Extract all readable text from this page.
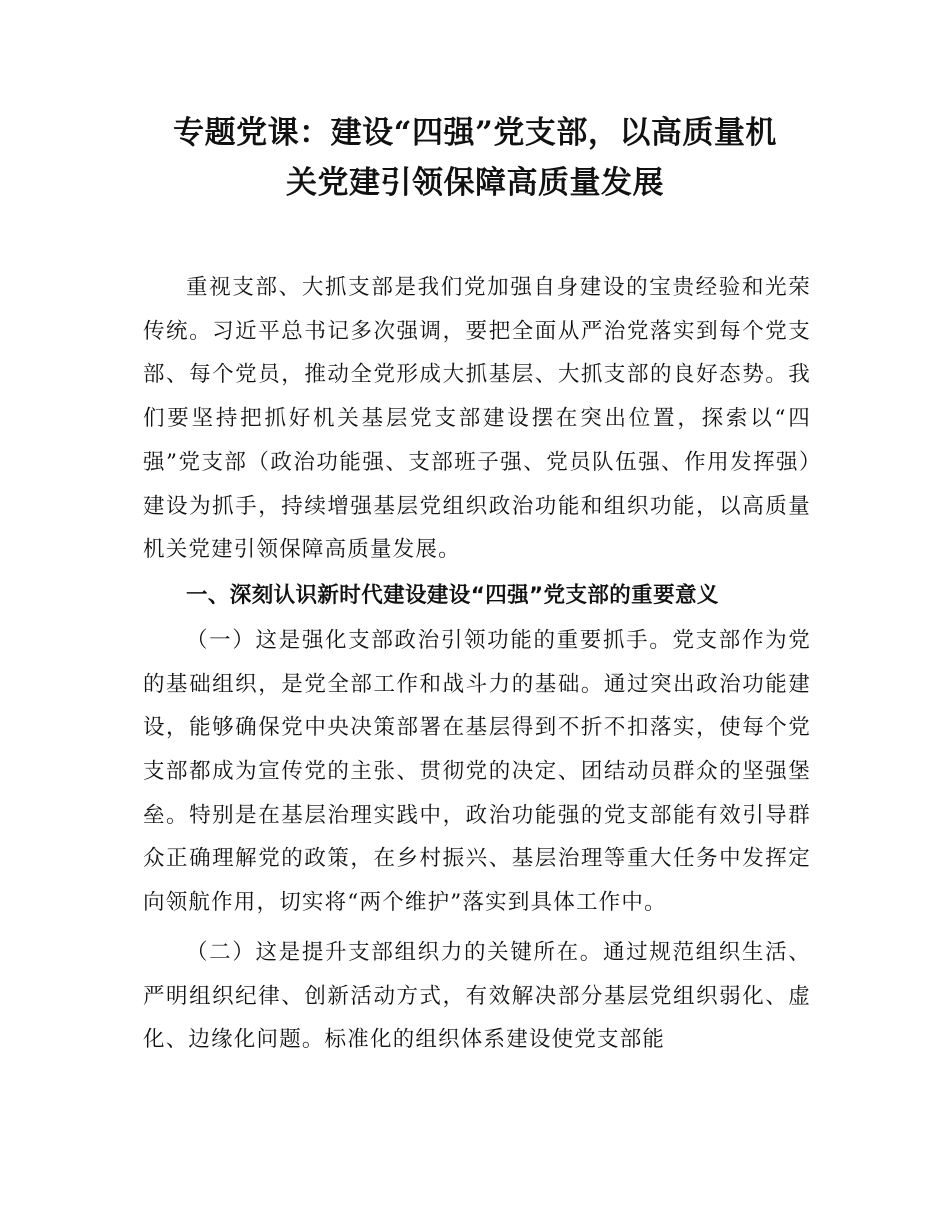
专题党课：建设“四强”党支部，以高质量机
关党建引领保障高质量发展

重视支部、大抓支部是我们党加强自身建设的宝贵经验和光荣传统。习近平总书记多次强调，要把全面从严治党落实到每个党支部、每个党员，推动全党形成大抓基层、大抓支部的良好态势。我们要坚持把抓好机关基层党支部建设摆在突出位置，探索以“四强”党支部（政治功能强、支部班子强、党员队伍强、作用发挥强）建设为抓手，持续增强基层党组织政治功能和组织功能，以高质量机关党建引领保障高质量发展。

一、深刻认识新时代建设建设“四强”党支部的重要意义

（一）这是强化支部政治引领功能的重要抓手。党支部作为党的基础组织，是党全部工作和战斗力的基础。通过突出政治功能建设，能够确保党中央决策部署在基层得到不折不扣落实，使每个党支部都成为宣传党的主张、贯彻党的决定、团结动员群众的坚强堡垒。特别是在基层治理实践中，政治功能强的党支部能有效引导群众正确理解党的政策，在乡村振兴、基层治理等重大任务中发挥定向领航作用，切实将“两个维护”落实到具体工作中。

（二）这是提升支部组织力的关键所在。通过规范组织生活、严明组织纪律、创新活动方式，有效解决部分基层党组织弱化、虚化、边缘化问题。标准化的组织体系建设使党支部能
